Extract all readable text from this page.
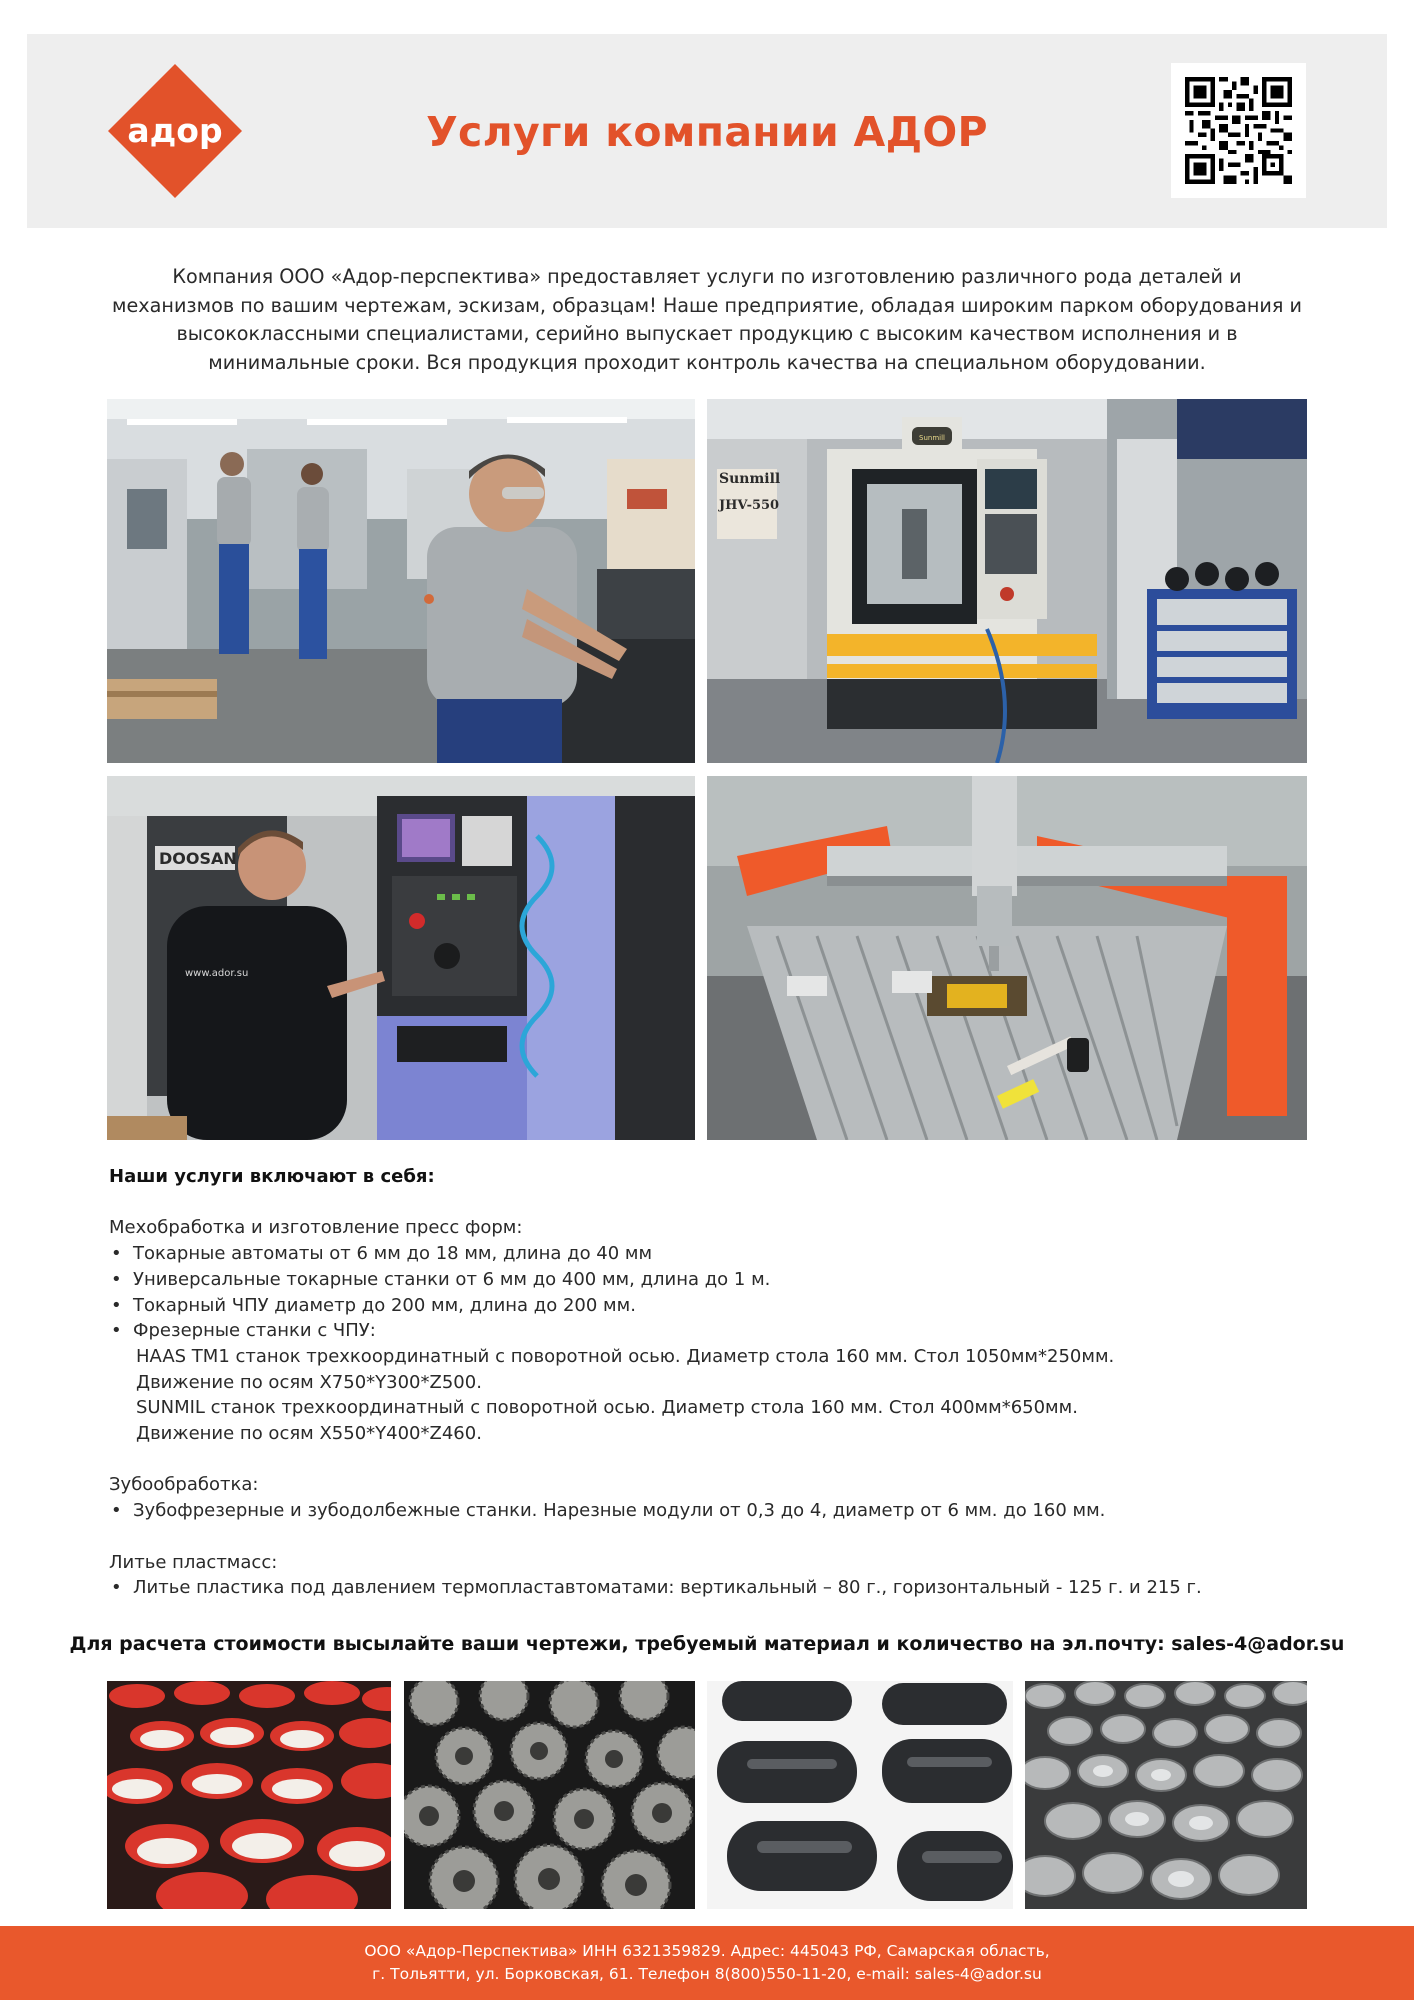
адор	Услуги компании АДОР
Компания ООО «Адор-перспектива» предоставляет услуги по изготовлению различного рода деталей и
механизмов по вашим чертежам, эскизам, образцам! Наше предприятие, обладая широким парком оборудования и
высококлассными специалистами, серийно выпускает продукцию с высоким качеством исполнения и в
минимальные сроки. Вся продукция проходит контроль качества на специальном оборудовании.
Sunmill
JHV-550
Sunmill
DOOSAN
www.ador.su
Наши услуги включают в себя:
Мехобработка и изготовление пресс форм:
• Токарные автоматы от 6 мм до 18 мм, длина до 40 мм
• Универсальные токарные станки от 6 мм до 400 мм, длина до 1 м.
• Токарный ЧПУ диаметр до 200 мм, длина до 200 мм.
• Фрезерные станки с ЧПУ:
HAAS TM1 станок трехкоординатный с поворотной осью. Диаметр стола 160 мм. Стол 1050мм*250мм.
Движение по осям X750*Y300*Z500.
SUNMIL станок трехкоординатный с поворотной осью. Диаметр стола 160 мм. Стол 400мм*650мм.
Движение по осям X550*Y400*Z460.
Зубообработка:
• Зубофрезерные и зубодолбежные станки. Нарезные модули от 0,3 до 4, диаметр от 6 мм. до 160 мм.
Литье пластмасс:
• Литье пластика под давлением термопластавтоматами: вертикальный – 80 г., горизонтальный - 125 г. и 215 г.
Для расчета стоимости высылайте ваши чертежи, требуемый материал и количество на эл.почту: sales-4@ador.su
ООО «Адор-Перспектива» ИНН 6321359829. Адрес: 445043 РФ, Самарская область,
г. Тольятти, ул. Борковская, 61. Телефон 8(800)550-11-20, e-mail: sales-4@ador.su
